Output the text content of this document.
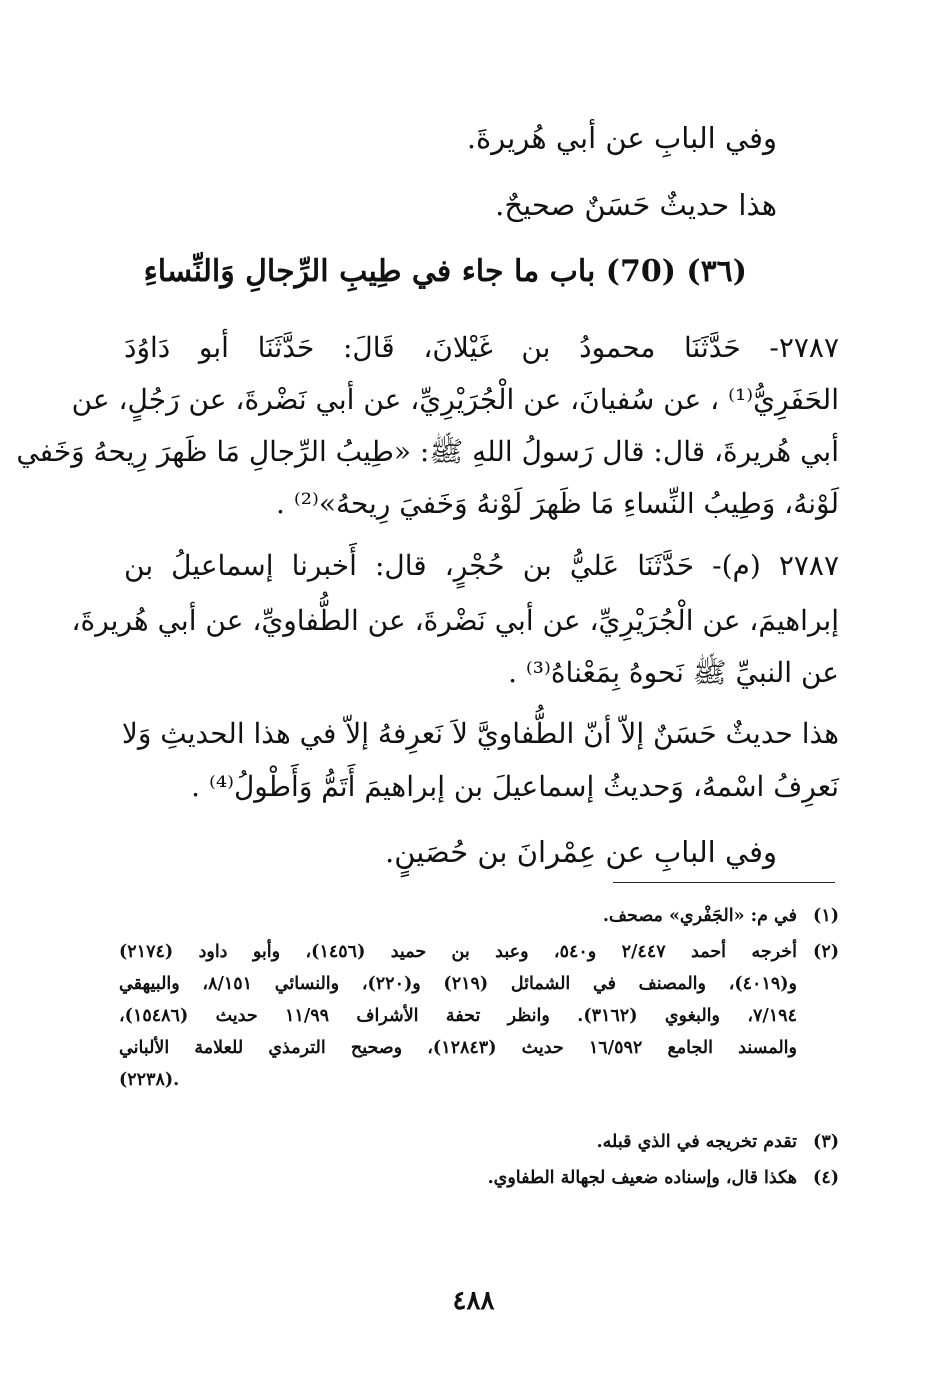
وفي البابِ عن أبي هُريرةَ.
هذا حديثٌ حَسَنٌ صحيحٌ.
(٣٦) (70) باب ما جاء في طِيبِ الرِّجالِ وَالنِّساءِ
٢٧٨٧- حَدَّثَنَا محمودُ بن غَيْلانَ، قَالَ: حَدَّثَنَا أبو دَاوُدَ
الحَفَرِيُّ⁽¹⁾ ، عن سُفيانَ، عن الْجُرَيْرِيِّ، عن أبي نَضْرةَ، عن رَجُلٍ، عن
أبي هُريرةَ، قال: قال رَسولُ اللهِ ﷺ: «طِيبُ الرِّجالِ مَا ظَهرَ رِيحهُ وَخَفي
لَوْنهُ، وَطِيبُ النِّساءِ مَا ظَهرَ لَوْنهُ وَخَفيَ رِيحهُ»⁽²⁾ .
٢٧٨٧ (م)- حَدَّثَنَا عَليُّ بن حُجْرٍ، قال: أَخبرنا إسماعيلُ بن
إبراهيمَ، عن الْجُرَيْرِيِّ، عن أبي نَضْرةَ، عن الطُّفاويِّ، عن أبي هُريرةَ،
عن النبيِّ ﷺ نَحوهُ بِمَعْناهُ⁽³⁾ .
هذا حديثٌ حَسَنٌ إلاّ أنّ الطُّفاويَّ لاَ نَعرِفهُ إلاّ في هذا الحديثِ وَلا
نَعرِفُ اسْمهُ، وَحديثُ إسماعيلَ بن إبراهيمَ أَتَمُّ وَأَطْولُ⁽⁴⁾ .
وفي البابِ عن عِمْرانَ بن حُصَينٍ.
(١)
في م: «الجَفْري» مصحف.
(٢)
أخرجه أحمد ٢/٤٤٧ و٥٤٠، وعبد بن حميد (١٤٥٦)، وأبو داود (٢١٧٤)
و(٤٠١٩)، والمصنف في الشمائل (٢١٩) و(٢٢٠)، والنسائي ٨/١٥١، والبيهقي
٧/١٩٤، والبغوي (٣١٦٢). وانظر تحفة الأشراف ١١/٩٩ حديث (١٥٤٨٦)،
والمسند الجامع ١٦/٥٩٢ حديث (١٢٨٤٣)، وصحيح الترمذي للعلامة الألباني
(٢٢٣٨).
(٣)
تقدم تخريجه في الذي قبله.
(٤)
هكذا قال، وإسناده ضعيف لجهالة الطفاوي.
٤٨٨
